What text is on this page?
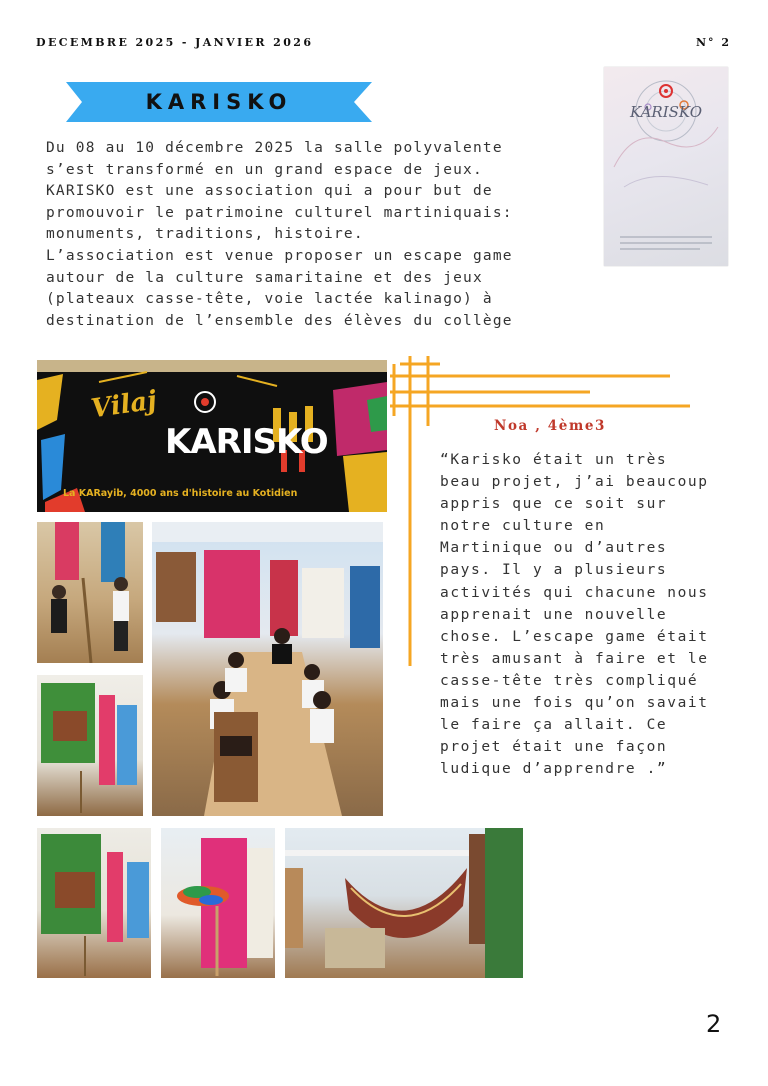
DECEMBRE 2025 - JANVIER 2026	N° 2
KARISKO

Du 08 au 10 décembre 2025 la salle polyvalente

s’est transformé en un grand espace de jeux.

KARISKO est une association qui a pour but de

promouvoir le patrimoine culturel martiniquais:

monuments, traditions, histoire.

L’association est venue proposer un escape game

autour de la culture samaritaine et des jeux

(plateaux casse-tête, voie lactée kalinago) à

destination de l’ensemble des élèves du collège

KARISKO
Vilaj
KARISKO
La KARayib, 4000 ans d'histoire au Kotidien
Noa , 4ème3

“Karisko était un très

beau projet, j’ai beaucoup

appris que ce soit sur

notre culture en

Martinique ou d’autres

pays. Il y a plusieurs

activités qui chacune nous

apprenait une nouvelle

chose. L’escape game était

très amusant à faire et le

casse-tête très compliqué

mais une fois qu’on savait

le faire ça allait. Ce

projet était une façon

ludique d’apprendre .”

2
